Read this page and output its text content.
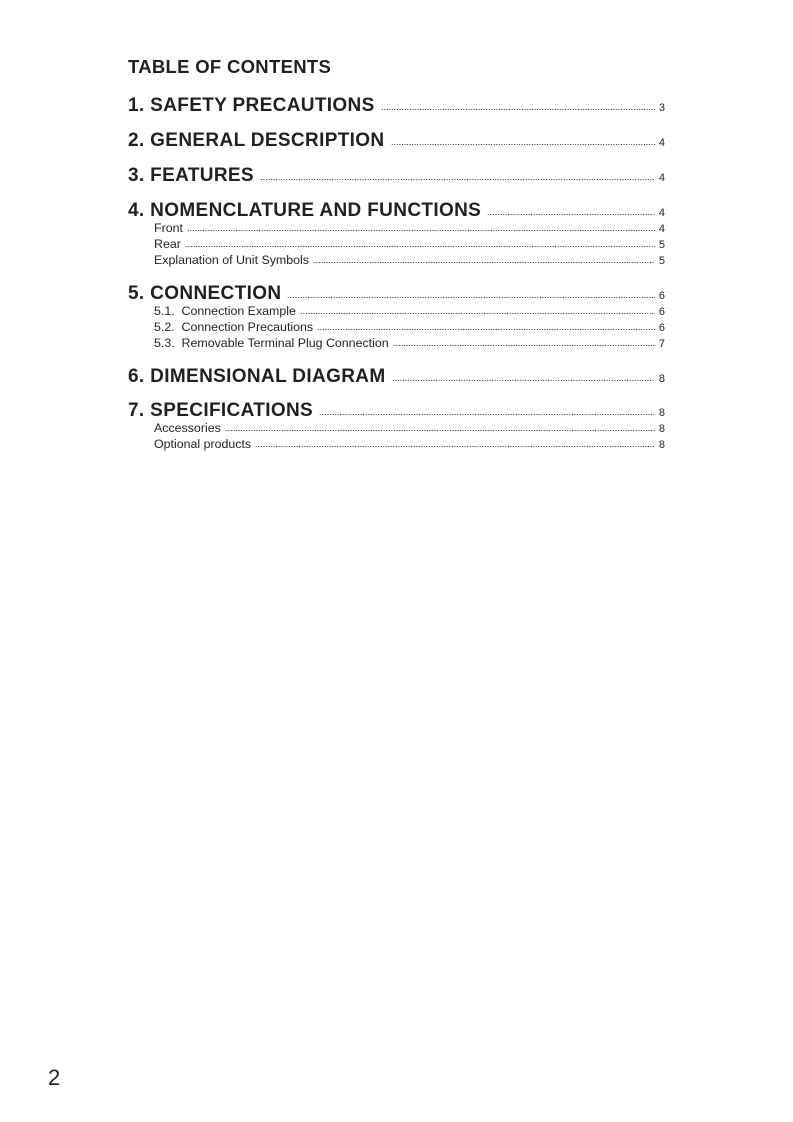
TABLE OF CONTENTS
1. SAFETY PRECAUTIONS	3
2. GENERAL DESCRIPTION	4
3. FEATURES	4
4. NOMENCLATURE AND FUNCTIONS	4
Front	4
Rear	5
Explanation of Unit Symbols	5
5. CONNECTION	6
5.1.  Connection Example	6
5.2.  Connection Precautions	6
5.3.  Removable Terminal Plug Connection	7
6. DIMENSIONAL DIAGRAM	8
7. SPECIFICATIONS	8
Accessories	8
Optional products	8
2
